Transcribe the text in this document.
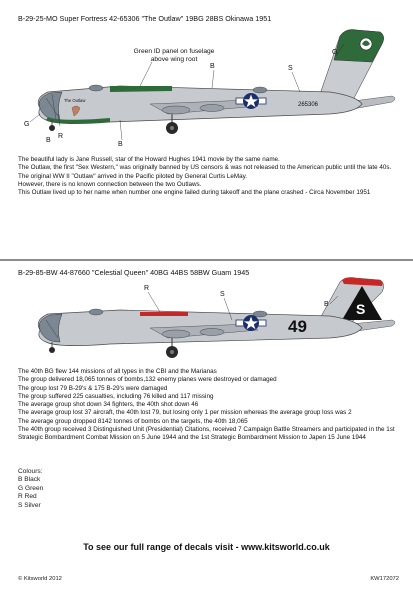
B-29-25-MO Super Fortress 42-65306 "The Outlaw" 19BG 28BS Okinawa 1951
265306
The Outlaw
S
G
B
G
B
R
B
Green ID panel on fuselage above wing root

The beautiful lady is Jane Russell, star of the Howard Hughes 1941 movie by the same name.

The Outlaw, the first "Sex Western," was originally banned by US censors & was not released to the American public until the late 40s. The original WW II "Outlaw" arrived in the Pacific piloted by General Curtis LeMay.

However, there is no known connection between the two Outlaws.

This Outlaw lived up to her name when number one engine failed during takeoff and the plane crashed - Circa November 1951

B-29-85-BW 44-87660 "Celestial Queen" 40BG 44BS 58BW Guam 1945
S
49
R
B
S

The 40th BG flew 144 missions of all types in the CBI and the Marianas

The group delivered 18,065 tonnes of bombs,132 enemy planes were destroyed or damaged

The group lost 79 B-29's & 175 B-29's were damaged

The group suffered 225 casualties, including 76 killed and 117 missing

The average group shot down 34 fighters, the 40th shot down 46

The average group lost 37 aircraft, the 40th lost 79, but losing only 1 per mission whereas the average group loss was 2

The average group dropped 8142 tonnes of bombs on the targets, the 40th 18,065

The 40th group received 3 Distinguished Unit (Presidential) Citations, received 7 Campaign Battle Streamers and participated in the 1st Strategic Bombardment Combat Mission on 5 June 1944 and the 1st Strategic Bombardment Mission to Japen 15 June 1944

Colours:
B Black
G Green
R Red
S Silver
To see our full range of decals visit - www.kitsworld.co.uk
© Kitsworld 2012	KW172072
